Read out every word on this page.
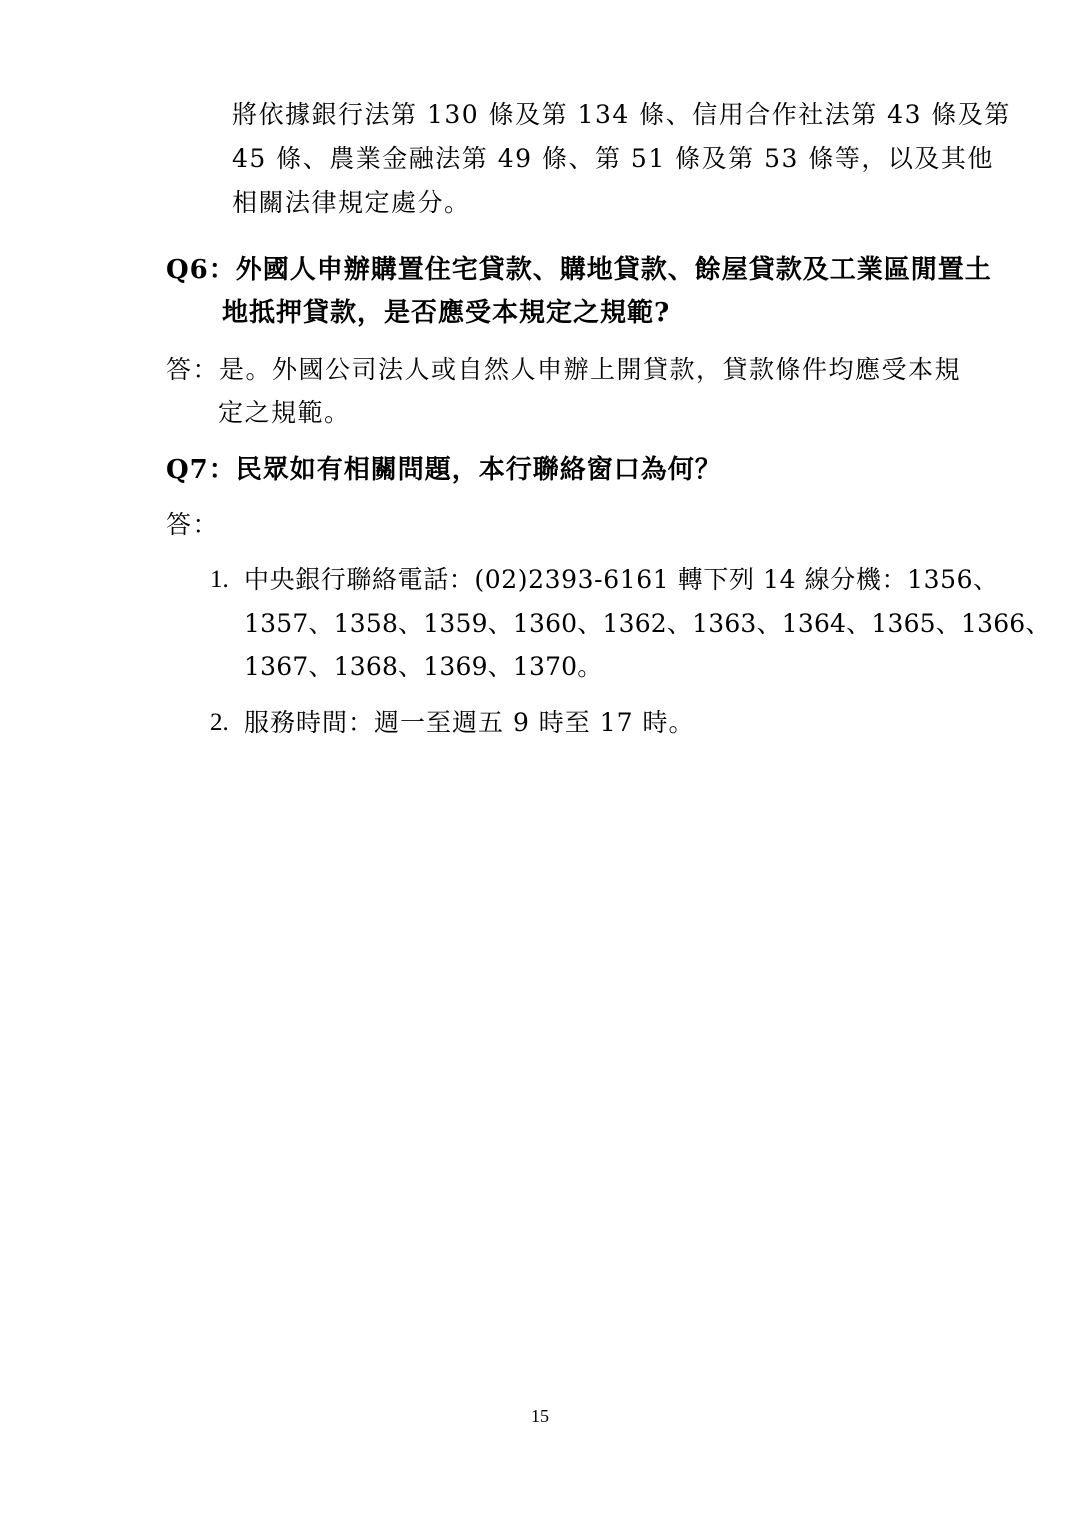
將依據銀行法第 130 條及第 134 條、信用合作社法第 43 條及第
45 條、農業金融法第 49 條、第 51 條及第 53 條等，以及其他
相關法律規定處分。
Q6：外國人申辦購置住宅貸款、購地貸款、餘屋貸款及工業區閒置土
地抵押貸款，是否應受本規定之規範?
答：是。外國公司法人或自然人申辦上開貸款，貸款條件均應受本規
定之規範。
Q7：民眾如有相關問題，本行聯絡窗口為何？
答：
1. 中央銀行聯絡電話：(02)2393-6161 轉下列 14 線分機：1356、
1357、1358、1359、1360、1362、1363、1364、1365、1366、
1367、1368、1369、1370。
2. 服務時間：週一至週五 9 時至 17 時。
15
